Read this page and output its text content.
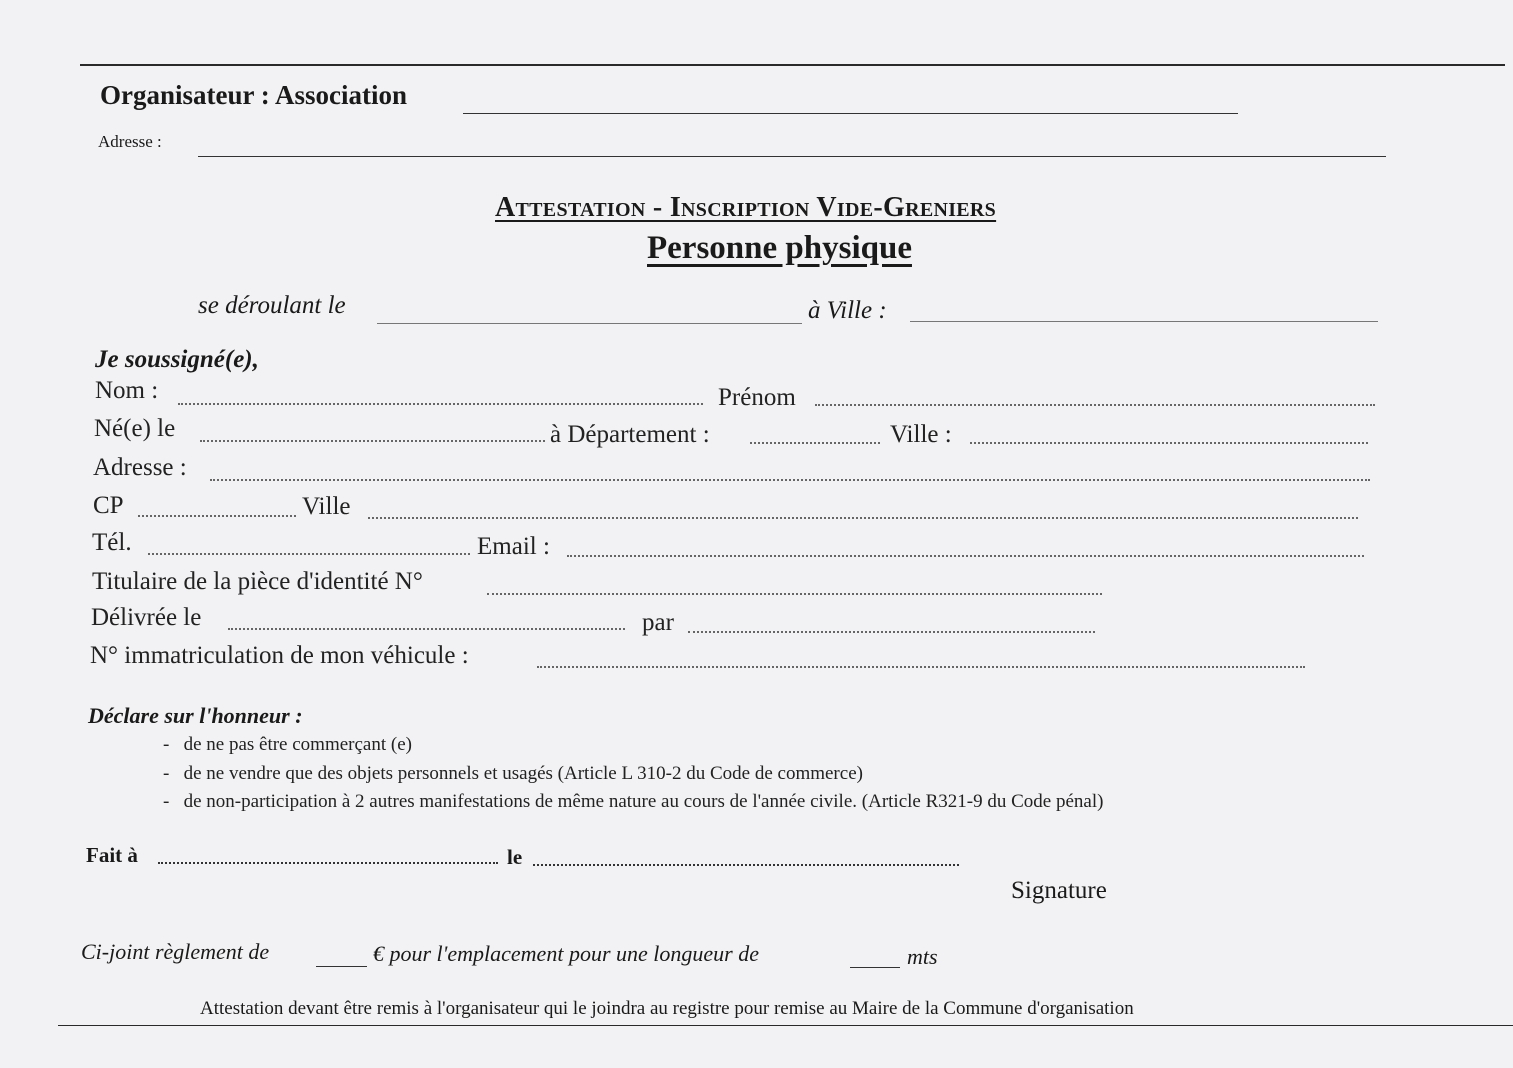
Organisateur : Association
Adresse :
Attestation - Inscription Vide-Greniers
Personne physique
se déroulant le	à Ville :
Je soussigné(e),
Nom :	Prénom
Né(e) le	à Département :	Ville :
Adresse :
CP	Ville
Tél.	Email :
Titulaire de la pièce d'identité N°
Délivrée le	par
N° immatriculation de mon véhicule :
Déclare sur l'honneur :
-   de ne pas être commerçant (e)
-   de ne vendre que des objets personnels et usagés (Article L 310-2 du Code de commerce)
-   de non-participation à 2 autres manifestations de même nature au cours de l'année civile. (Article R321-9 du Code pénal)
Fait à	le
Signature
Ci-joint règlement de	€ pour l'emplacement pour une longueur de	mts
Attestation devant être remis à l'organisateur qui le joindra au registre pour remise au Maire de la Commune d'organisation
